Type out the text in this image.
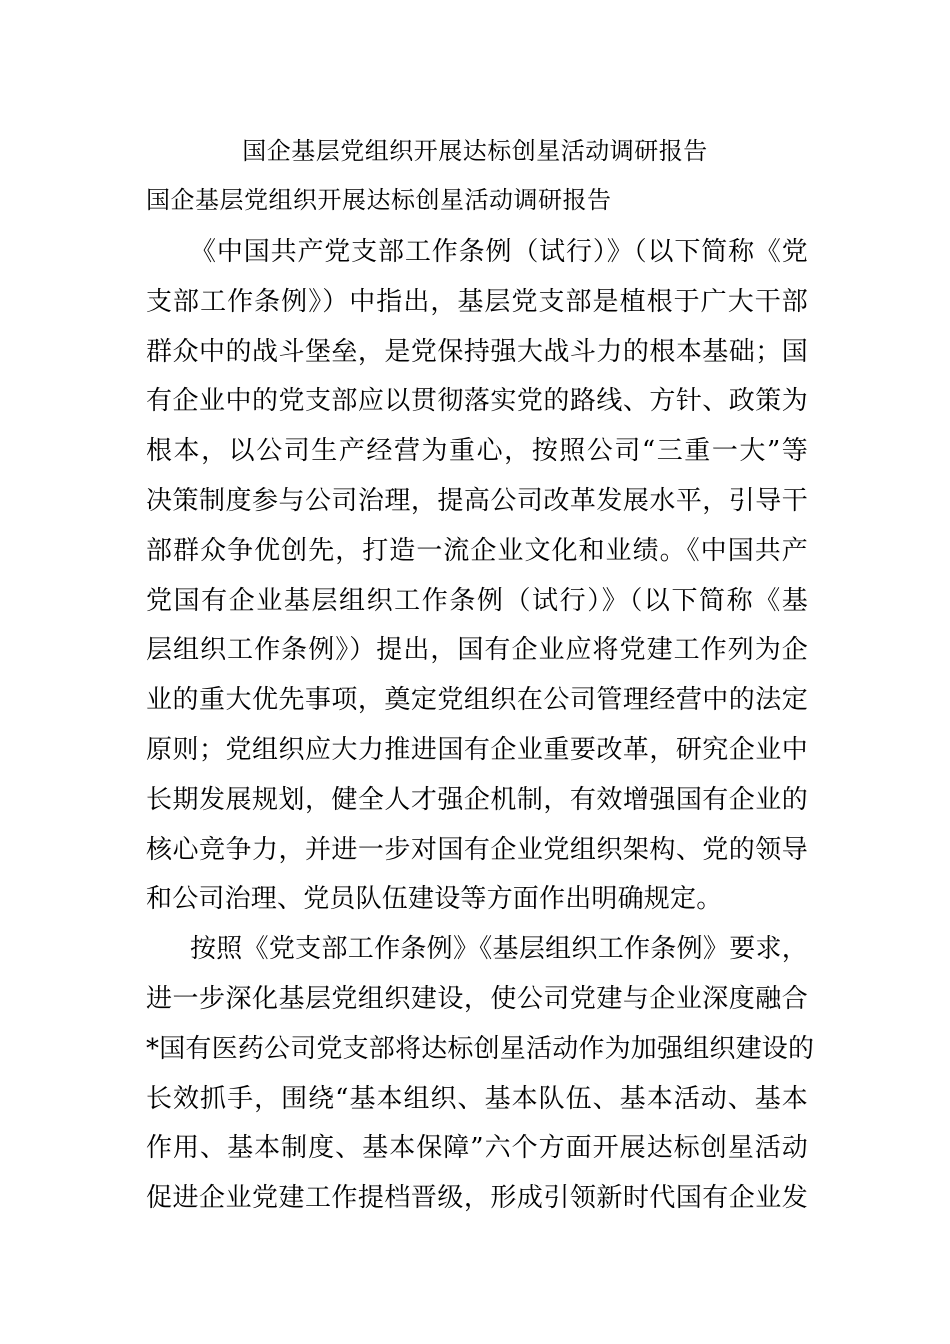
国企基层党组织开展达标创星活动调研报告
国企基层党组织开展达标创星活动调研报告
《中国共产党支部工作条例（试行）》（以下简称《党
支部工作条例》）中指出，基层党支部是植根于广大干部
群众中的战斗堡垒，是党保持强大战斗力的根本基础；国
有企业中的党支部应以贯彻落实党的路线、方针、政策为
根本，以公司生产经营为重心，按照公司“三重一大”等
决策制度参与公司治理，提高公司改革发展水平，引导干
部群众争优创先，打造一流企业文化和业绩。《中国共产
党国有企业基层组织工作条例（试行）》（以下简称《基
层组织工作条例》）提出，国有企业应将党建工作列为企
业的重大优先事项，奠定党组织在公司管理经营中的法定
原则；党组织应大力推进国有企业重要改革，研究企业中
长期发展规划，健全人才强企机制，有效增强国有企业的
核心竞争力，并进一步对国有企业党组织架构、党的领导
和公司治理、党员队伍建设等方面作出明确规定。
按照《党支部工作条例》《基层组织工作条例》要求，
进一步深化基层党组织建设，使公司党建与企业深度融合
*国有医药公司党支部将达标创星活动作为加强组织建设的
长效抓手，围绕“基本组织、基本队伍、基本活动、基本
作用、基本制度、基本保障”六个方面开展达标创星活动
促进企业党建工作提档晋级，形成引领新时代国有企业发
